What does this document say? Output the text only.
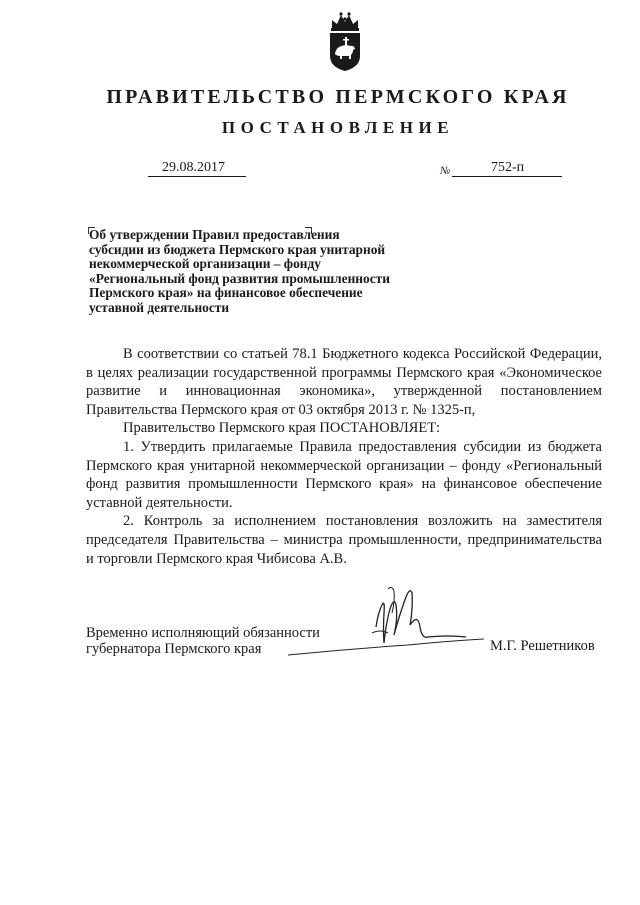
ПРАВИТЕЛЬСТВО ПЕРМСКОГО КРАЯ
ПОСТАНОВЛЕНИЕ
29.08.2017	№	752-п
Об утверждении Правил предоставления
субсидии из бюджета Пермского края унитарной
некоммерческой организации – фонду
«Региональный фонд развития промышленности
Пермского края» на финансовое обеспечение
уставной деятельности

В соответствии со статьей 78.1 Бюджетного кодекса Российской Федерации, в целях реализации государственной программы Пермского края «Экономическое развитие и инновационная экономика», утвержденной постановлением Правительства Пермского края от 03 октября 2013 г. № 1325-п,

Правительство Пермского края ПОСТАНОВЛЯЕТ:

1. Утвердить прилагаемые Правила предоставления субсидии из бюджета Пермского края унитарной некоммерческой организации – фонду «Региональный фонд развития промышленности Пермского края» на финансовое обеспечение уставной деятельности.

2. Контроль за исполнением постановления возложить на заместителя председателя Правительства – министра промышленности, предпринимательства и торговли Пермского края Чибисова А.В.

Временно исполняющий обязанности
губернатора Пермского края	М.Г. Решетников
